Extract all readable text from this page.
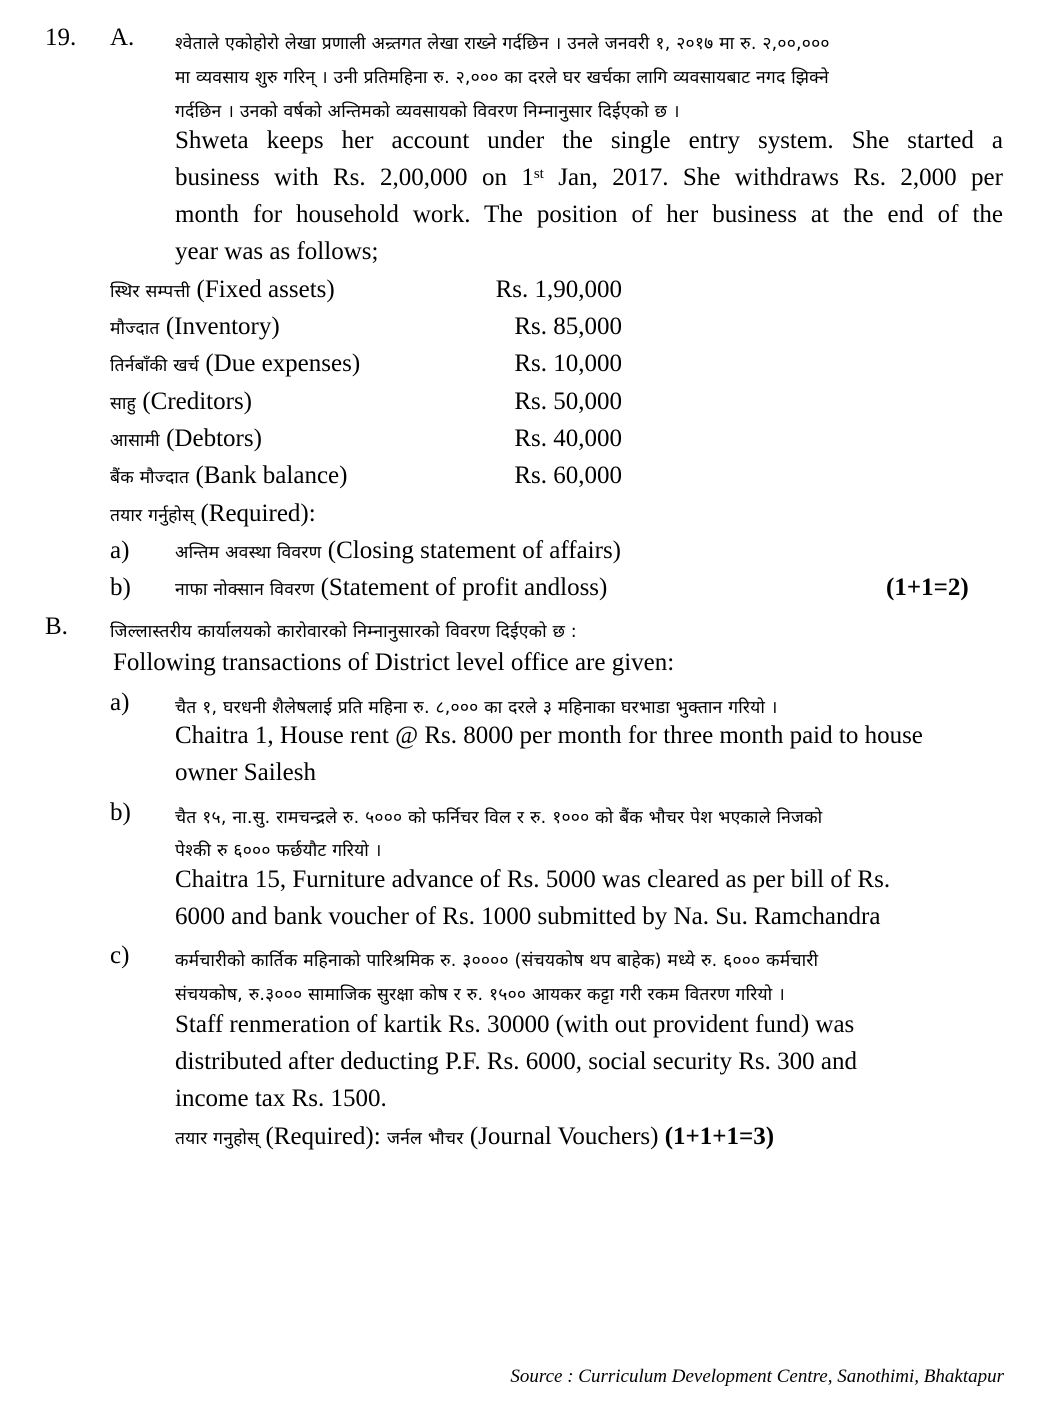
19. A. श्वेताले एकोहोरो लेखा प्रणाली अन्र्तगत लेखा राख्ने गर्दछिन । उनले जनवरी १, २०१७ मा रु. २,००,०००
मा व्यवसाय शुरु गरिन् । उनी प्रतिमहिना रु. २,००० का दरले घर खर्चका लागि व्यवसायबाट नगद झिक्ने
गर्दछिन । उनको वर्षको अन्तिमको व्यवसायको विवरण निम्नानुसार दिईएको छ ।
Shweta keeps her account under the single entry system. She started a
business with Rs. 2,00,000 on 1st Jan, 2017. She withdraws Rs. 2,000 per
month for household work. The position of her business at the end of the
year was as follows;
स्थिर सम्पत्ती (Fixed assets)	Rs. 1,90,000
मौज्दात (Inventory)	Rs. 85,000
तिर्नबाँकी खर्च (Due expenses)	Rs. 10,000
साहु (Creditors)	Rs. 50,000
आसामी (Debtors)	Rs. 40,000
बैंक मौज्दात (Bank balance)	Rs. 60,000
तयार गर्नुहोस् (Required):
a)	अन्तिम अवस्था विवरण (Closing statement of affairs)
b)	नाफा नोक्सान विवरण (Statement of profit andloss)	(1+1=2)
B. जिल्लास्तरीय कार्यालयको कारोवारको निम्नानुसारको विवरण दिईएको छ :
Following transactions of District level office are given:
a)	चैत १, घरधनी शैलेषलाई प्रति महिना रु. ८,००० का दरले ३ महिनाका घरभाडा भुक्तान गरियो ।
Chaitra 1, House rent @ Rs. 8000 per month for three month paid to house
owner Sailesh
b)	चैत १५, ना.सु. रामचन्द्रले रु. ५००० को फर्निचर विल र रु. १००० को बैंक भौचर पेश भएकाले निजको
पेश्की रु ६००० फर्छयौट गरियो ।
Chaitra 15, Furniture advance of Rs. 5000 was cleared as per bill of Rs.
6000 and bank voucher of Rs. 1000 submitted by Na. Su. Ramchandra
c)	कर्मचारीको कार्तिक महिनाको पारिश्रमिक रु. ३०००० (संचयकोष थप बाहेक) मध्ये रु. ६००० कर्मचारी
संचयकोष, रु.३००० सामाजिक सुरक्षा कोष र रु. १५०० आयकर कट्टा गरी रकम वितरण गरियो ।
Staff renmeration of kartik Rs. 30000 (with out provident fund) was
distributed after deducting P.F. Rs. 6000, social security Rs. 300 and
income tax Rs. 1500.
तयार गनुहोस् (Required): जर्नल भौचर (Journal Vouchers) (1+1+1=3)
Source : Curriculum Development Centre, Sanothimi, Bhaktapur
